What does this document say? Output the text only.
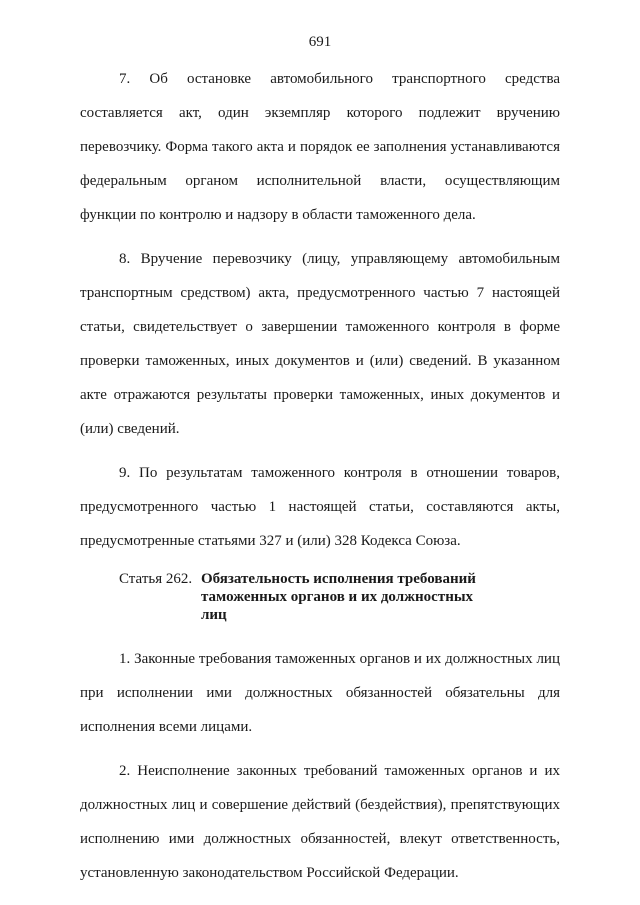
691

7. Об остановке автомобильного транспортного средства составляется акт, один экземпляр которого подлежит вручению перевозчику. Форма такого акта и порядок ее заполнения устанавливаются федеральным органом исполнительной власти, осуществляющим функции по контролю и надзору в области таможенного дела.

8. Вручение перевозчику (лицу, управляющему автомобильным транспортным средством) акта, предусмотренного частью 7 настоящей статьи, свидетельствует о завершении таможенного контроля в форме проверки таможенных, иных документов и (или) сведений. В указанном акте отражаются результаты проверки таможенных, иных документов и (или) сведений.

9. По результатам таможенного контроля в отношении товаров, предусмотренного частью 1 настоящей статьи, составляются акты, предусмотренные статьями 327 и (или) 328 Кодекса Союза.

Статья 262. Обязательность исполнения требований таможенных органов и их должностных лиц

1. Законные требования таможенных органов и их должностных лиц при исполнении ими должностных обязанностей обязательны для исполнения всеми лицами.

2. Неисполнение законных требований таможенных органов и их должностных лиц и совершение действий (бездействия), препятствующих исполнению ими должностных обязанностей, влекут ответственность, установленную законодательством Российской Федерации.
